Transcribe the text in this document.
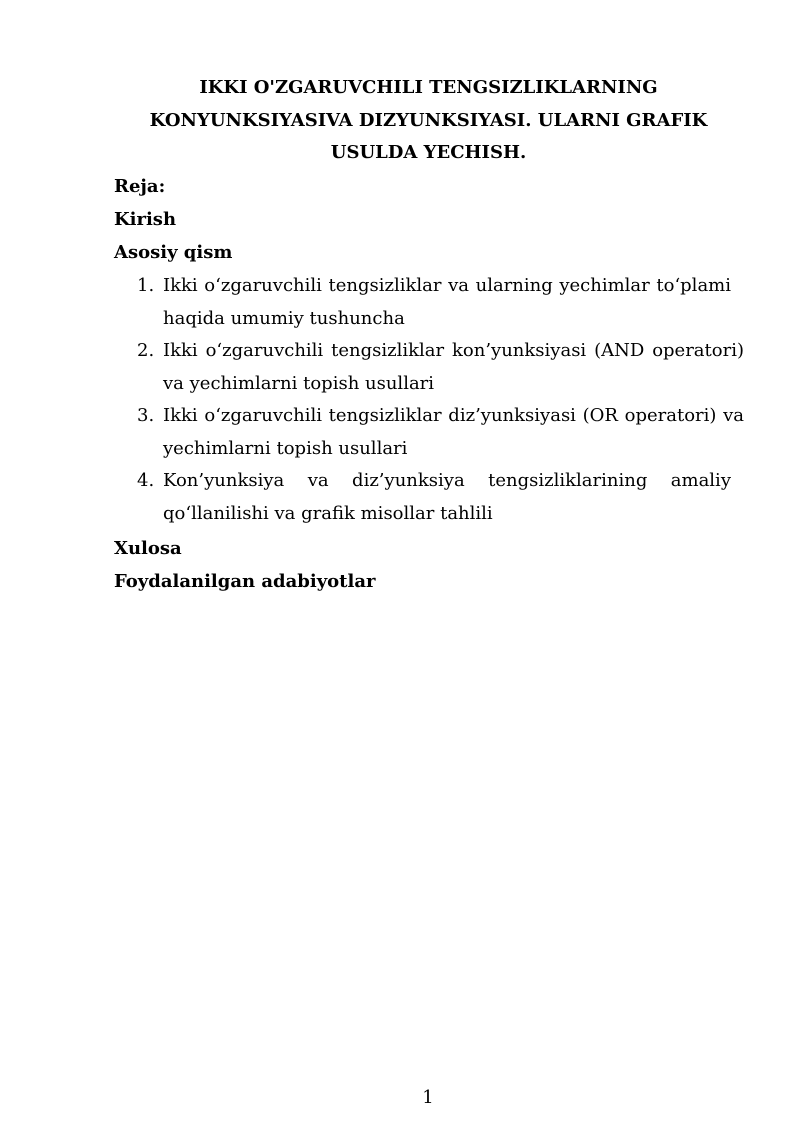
IKKI O'ZGARUVCHILI TENGSIZLIKLARNING
KONYUNKSIYASIVA DIZYUNKSIYASI. ULARNI GRAFIK
USULDA YECHISH.
Reja:
Kirish
Asosiy qism
1. Ikki o‘zgaruvchili tengsizliklar va ularning yechimlar to‘plami haqida umumiy tushuncha
2. Ikki o‘zgaruvchili tengsizliklar kon’yunksiyasi (AND operatori) va yechimlarni topish usullari
3. Ikki o‘zgaruvchili tengsizliklar diz’yunksiyasi (OR operatori) va yechimlarni topish usullari
4. Kon’yunksiya va diz’yunksiya tengsizliklarining amaliy qo‘llanilishi va grafik misollar tahlili
Xulosa
Foydalanilgan adabiyotlar
1
